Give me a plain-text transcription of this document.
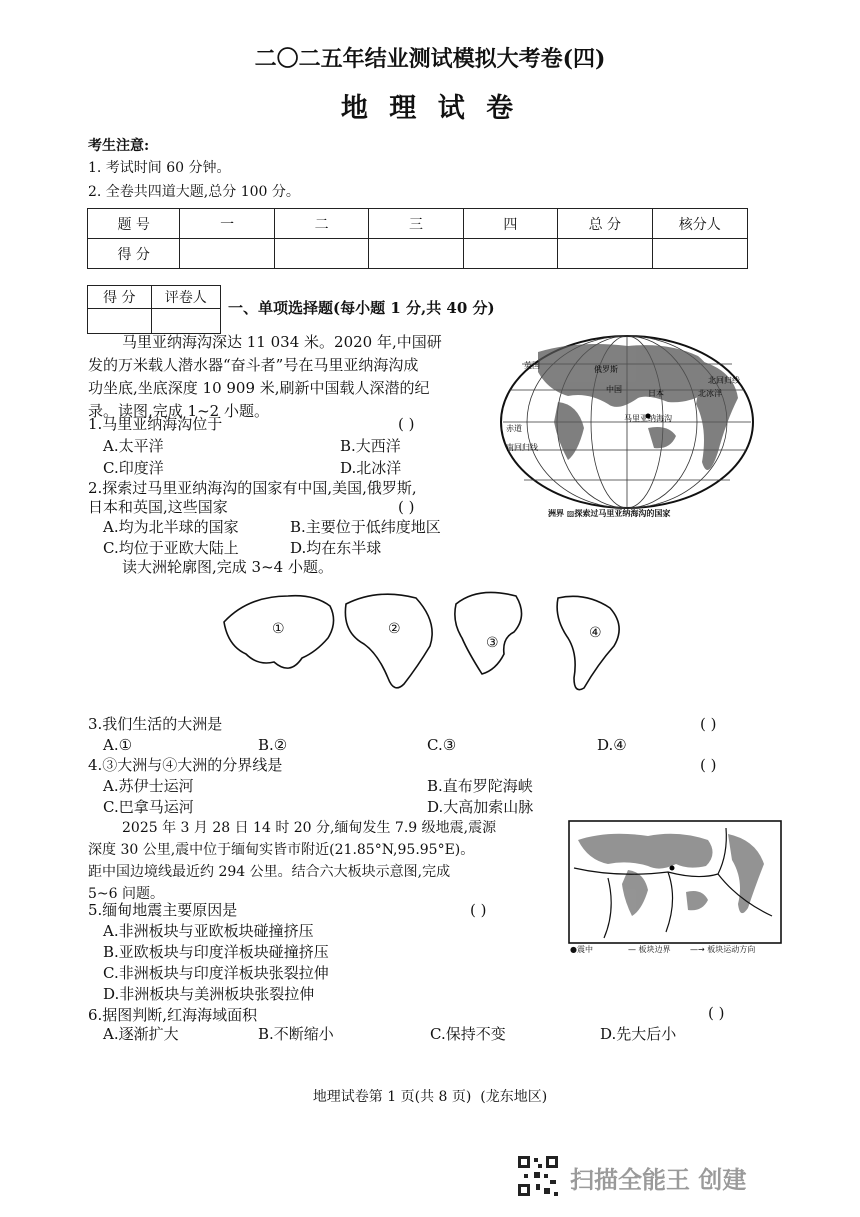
二〇二五年结业测试模拟大考卷(四)
地 理 试 卷
考生注意:
1. 考试时间 60 分钟。
2. 全卷共四道大题,总分 100 分。
题 号	一	二	三	四	总 分	核分人
得 分						
得 分	评卷人

一、单项选择题(每小题 1 分,共 40 分)
马里亚纳海沟深达 11 034 米。2020 年,中国研
发的万米载人潜水器“奋斗者”号在马里亚纳海沟成
功坐底,坐底深度 10 909 米,刷新中国载人深潜的纪
录。读图,完成 1~2 小题。
英国	俄罗斯
中国	日本	北冰洋
马里亚纳海沟
赤道
南回归线
北回归线
洲界 ▨探索过马里亚纳海沟的国家
1.马里亚纳海沟位于	( )
A.太平洋	B.大西洋
C.印度洋	D.北冰洋
2.探索过马里亚纳海沟的国家有中国,美国,俄罗斯,
日本和英国,这些国家	( )
A.均为北半球的国家	B.主要位于低纬度地区
C.均位于亚欧大陆上	D.均在东半球
读大洲轮廓图,完成 3~4 小题。
①	②
③
④
3.我们生活的大洲是	( )
A.①	B.②	C.③	D.④
4.③大洲与④大洲的分界线是	( )
A.苏伊士运河	B.直布罗陀海峡
C.巴拿马运河	D.大高加索山脉
2025 年 3 月 28 日 14 时 20 分,缅甸发生 7.9 级地震,震源
深度 30 公里,震中位于缅甸实皆市附近(21.85°N,95.95°E)。
距中国边境线最近约 294 公里。结合六大板块示意图,完成
5~6 问题。
●震中	— 板块边界 —→ 板块运动方向
5.缅甸地震主要原因是	( )
A.非洲板块与亚欧板块碰撞挤压
B.亚欧板块与印度洋板块碰撞挤压
C.非洲板块与印度洋板块张裂拉伸
D.非洲板块与美洲板块张裂拉伸
6.据图判断,红海海域面积	( )
A.逐渐扩大	B.不断缩小	C.保持不变	D.先大后小
地理试卷第 1 页(共 8 页)  (龙东地区)
扫描全能王 创建
